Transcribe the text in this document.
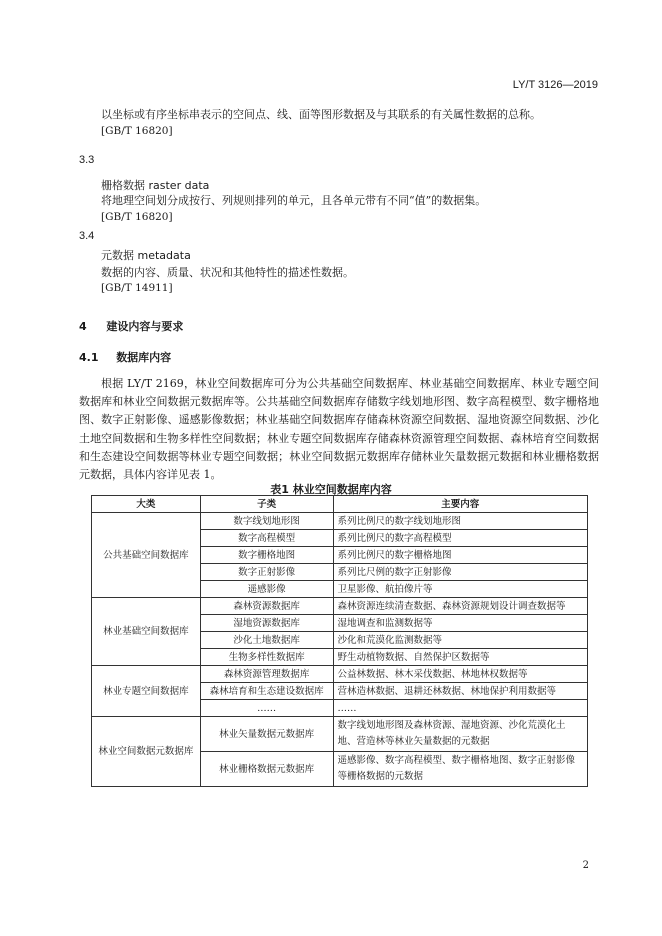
LY/T 3126—2019
以坐标或有序坐标串表示的空间点、线、面等图形数据及与其联系的有关属性数据的总称。
[GB/T 16820]
3.3
栅格数据 raster data
将地理空间划分成按行、列规则排列的单元，且各单元带有不同“值”的数据集。
[GB/T 16820]
3.4
元数据 metadata
数据的内容、质量、状况和其他特性的描述性数据。
[GB/T 14911]
4 建设内容与要求
4.1 数据库内容
根据 LY/T 2169，林业空间数据库可分为公共基础空间数据库、林业基础空间数据库、林业专题空间数据库和林业空间数据元数据库等。公共基础空间数据库存储数字线划地形图、数字高程模型、数字栅格地图、数字正射影像、遥感影像数据；林业基础空间数据库存储森林资源空间数据、湿地资源空间数据、沙化土地空间数据和生物多样性空间数据；林业专题空间数据库存储森林资源管理空间数据、森林培育空间数据和生态建设空间数据等林业专题空间数据；林业空间数据元数据库存储林业矢量数据元数据和林业栅格数据元数据，具体内容详见表 1。
表1 林业空间数据库内容
大类	子类	主要内容
公共基础空间数据库	数字线划地形图	系列比例尺的数字线划地形图
	数字高程模型	系列比例尺的数字高程模型
	数字栅格地图	系列比例尺的数字栅格地图
	数字正射影像	系列比尺例的数字正射影像
	遥感影像	卫星影像、航拍像片等
林业基础空间数据库	森林资源数据库	森林资源连续清查数据、森林资源规划设计调查数据等
	湿地资源数据库	湿地调查和监测数据等
	沙化土地数据库	沙化和荒漠化监测数据等
	生物多样性数据库	野生动植物数据、自然保护区数据等
林业专题空间数据库	森林资源管理数据库	公益林数据、林木采伐数据、林地林权数据等
	森林培育和生态建设数据库	营林造林数据、退耕还林数据、林地保护利用数据等
	……	……
林业空间数据元数据库	林业矢量数据元数据库	数字线划地形图及森林资源、湿地资源、沙化荒漠化土地、营造林等林业矢量数据的元数据
	林业栅格数据元数据库	遥感影像、数字高程模型、数字栅格地图、数字正射影像等栅格数据的元数据
2
